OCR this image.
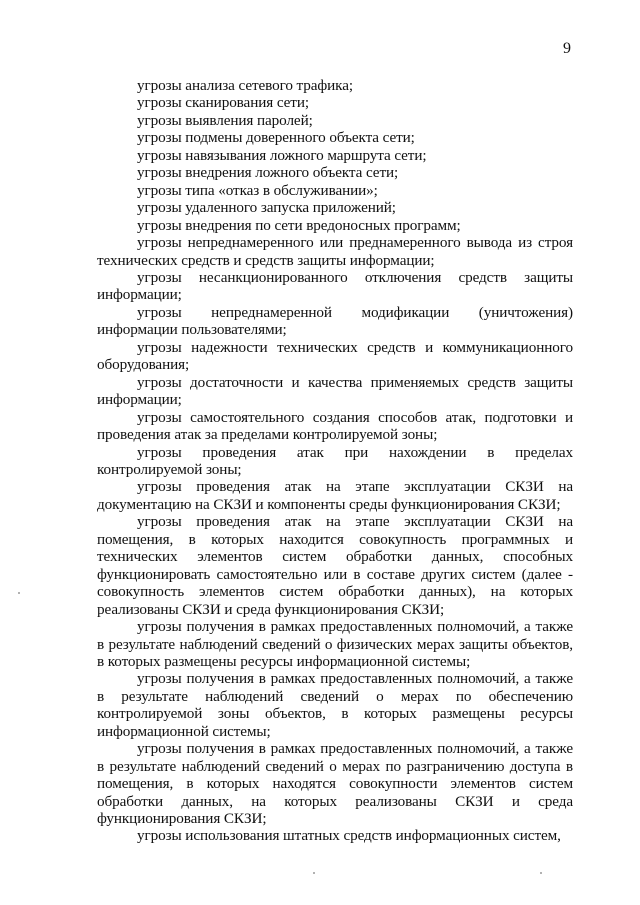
9

угрозы анализа сетевого трафика;

угрозы сканирования сети;

угрозы выявления паролей;

угрозы подмены доверенного объекта сети;

угрозы навязывания ложного маршрута сети;

угрозы внедрения ложного объекта сети;

угрозы типа «отказ в обслуживании»;

угрозы удаленного запуска приложений;

угрозы внедрения по сети вредоносных программ;

угрозы непреднамеренного или преднамеренного вывода из строя технических средств и средств защиты информации;

угрозы несанкционированного отключения средств защиты информации;

угрозы непреднамеренной модификации (уничтожения) информации пользователями;

угрозы надежности технических средств и коммуникационного оборудования;

угрозы достаточности и качества применяемых средств защиты информации;

угрозы самостоятельного создания способов атак, подготовки и проведения атак за пределами контролируемой зоны;

угрозы проведения атак при нахождении в пределах контролируемой зоны;

угрозы проведения атак на этапе эксплуатации СКЗИ на документацию на СКЗИ и компоненты среды функционирования СКЗИ;

угрозы проведения атак на этапе эксплуатации СКЗИ на помещения, в которых находится совокупность программных и технических элементов систем обработки данных, способных функционировать самостоятельно или в составе других систем (далее - совокупность элементов систем обработки данных), на которых реализованы СКЗИ и среда функционирования СКЗИ;

угрозы получения в рамках предоставленных полномочий, а также в результате наблюдений сведений о физических мерах защиты объектов, в которых размещены ресурсы информационной системы;

угрозы получения в рамках предоставленных полномочий, а также в результате наблюдений сведений о мерах по обеспечению контролируемой зоны объектов, в которых размещены ресурсы информационной системы;

угрозы получения в рамках предоставленных полномочий, а также в результате наблюдений сведений о мерах по разграничению доступа в помещения, в которых находятся совокупности элементов систем обработки данных, на которых реализованы СКЗИ и среда функционирования СКЗИ;

угрозы использования штатных средств информационных систем,
